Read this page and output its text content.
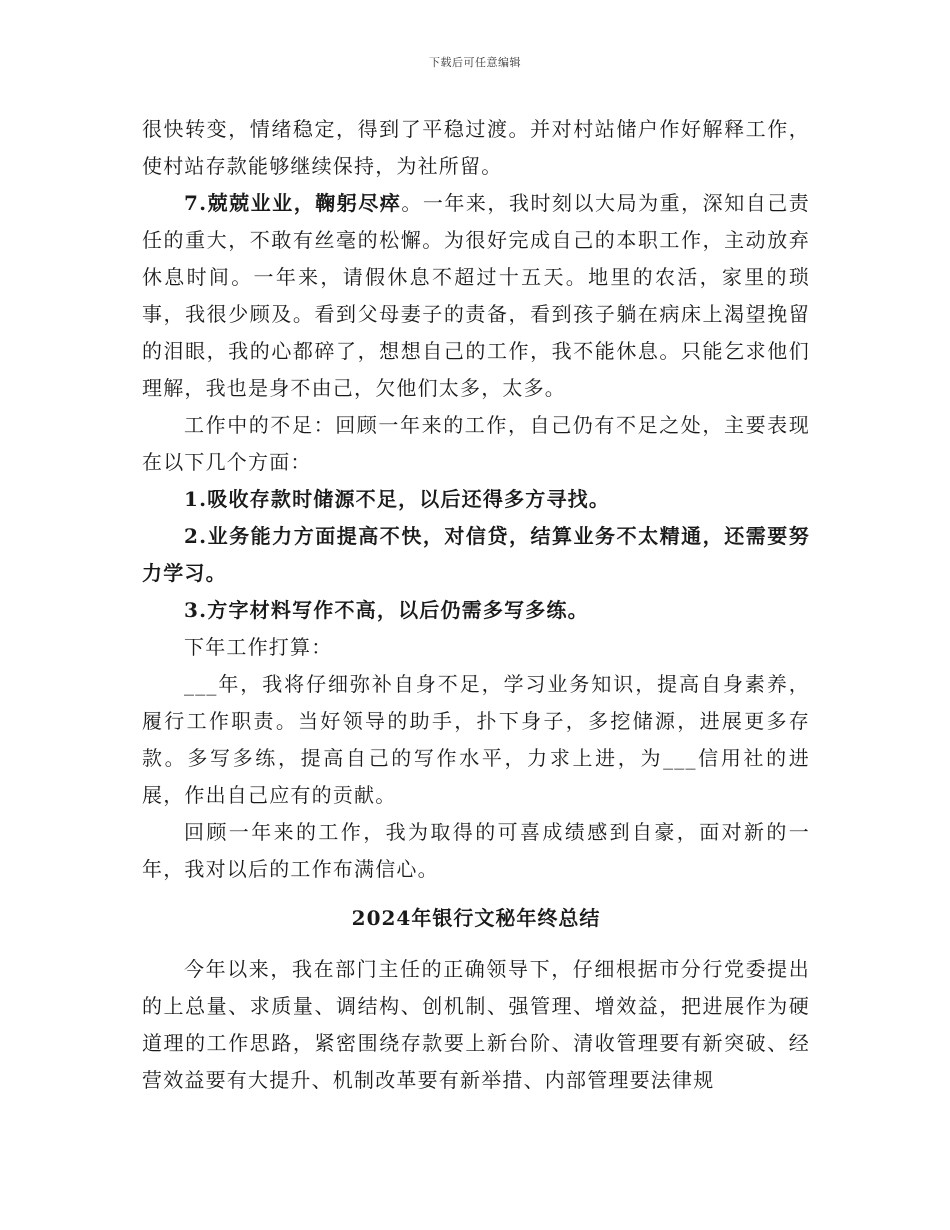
下载后可任意编辑

很快转变，情绪稳定，得到了平稳过渡。并对村站储户作好解释工作，使村站存款能够继续保持，为社所留。

7.兢兢业业，鞠躬尽瘁。一年来，我时刻以大局为重，深知自己责任的重大，不敢有丝毫的松懈。为很好完成自己的本职工作，主动放弃休息时间。一年来，请假休息不超过十五天。地里的农活，家里的琐事，我很少顾及。看到父母妻子的责备，看到孩子躺在病床上渴望挽留的泪眼，我的心都碎了，想想自己的工作，我不能休息。只能乞求他们理解，我也是身不由己，欠他们太多，太多。

工作中的不足：回顾一年来的工作，自己仍有不足之处，主要表现在以下几个方面：

1.吸收存款时储源不足，以后还得多方寻找。

2.业务能力方面提高不快，对信贷，结算业务不太精通，还需要努力学习。

3.方字材料写作不高，以后仍需多写多练。

下年工作打算：

___年，我将仔细弥补自身不足，学习业务知识，提高自身素养，履行工作职责。当好领导的助手，扑下身子，多挖储源，进展更多存款。多写多练，提高自己的写作水平，力求上进，为___信用社的进展，作出自己应有的贡献。

回顾一年来的工作，我为取得的可喜成绩感到自豪，面对新的一年，我对以后的工作布满信心。

2024年银行文秘年终总结

今年以来，我在部门主任的正确领导下，仔细根据市分行党委提出的上总量、求质量、调结构、创机制、强管理、增效益，把进展作为硬道理的工作思路，紧密围绕存款要上新台阶、清收管理要有新突破、经营效益要有大提升、机制改革要有新举措、内部管理要法律规
